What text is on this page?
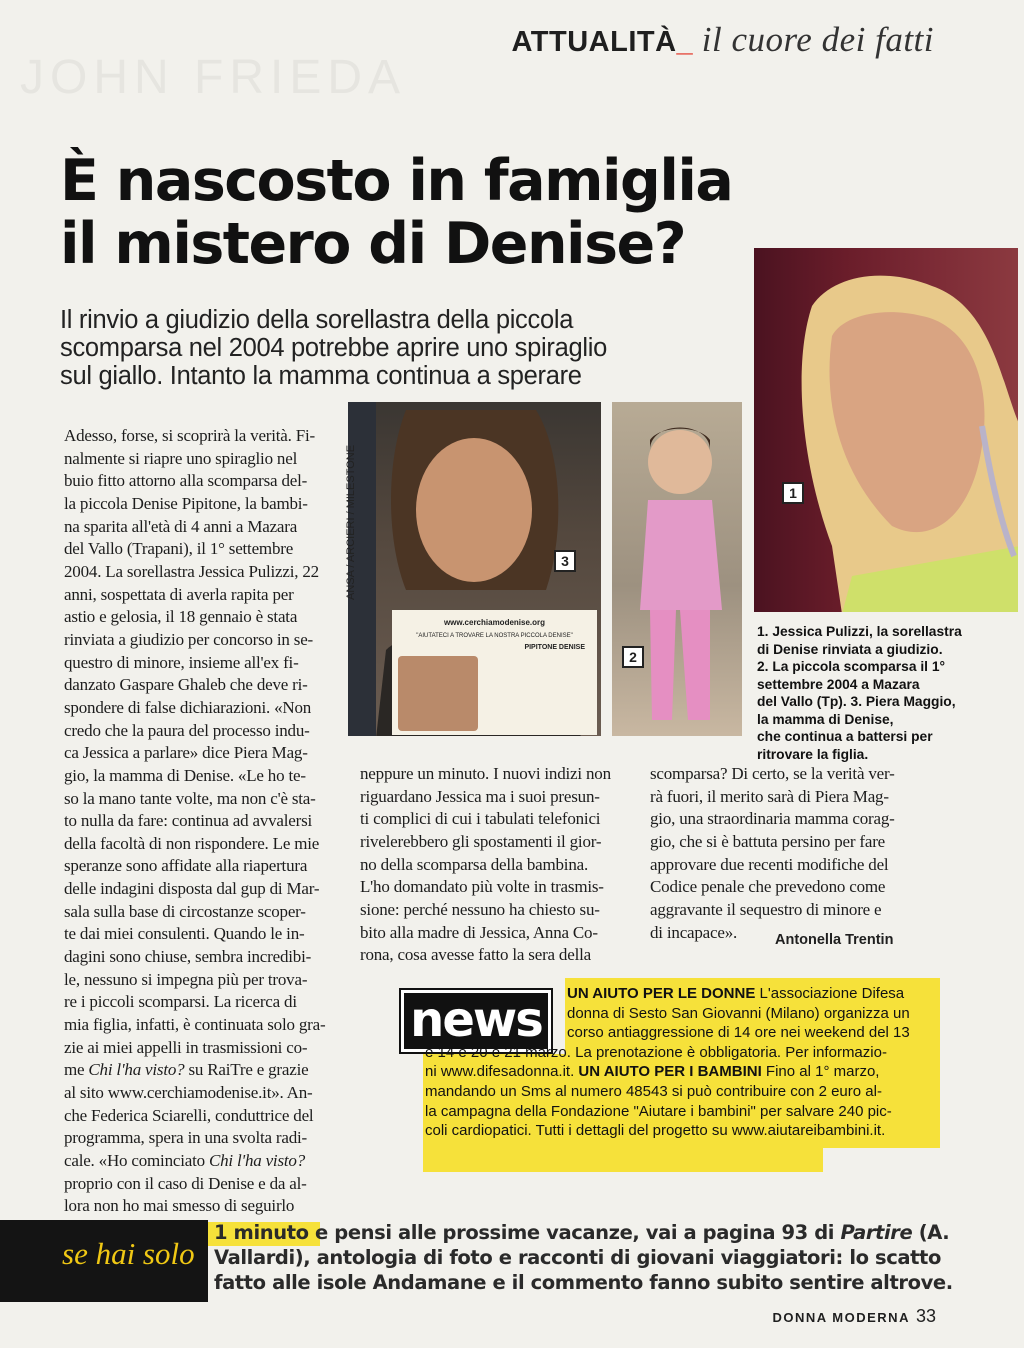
JOHN FRIEDA
ATTUALITÀ_ il cuore dei fatti
È nascosto in famiglia
il mistero di Denise?
1
www.cerchiamodenise.org
"AIUTATECI A TROVARE LA NOSTRA PICCOLA DENISE"
PIPITONE DENISE
3
2
ANSA / ARCIERI / MILESTONE
Il rinvio a giudizio della sorellastra della piccola
scomparsa nel 2004 potrebbe aprire uno spiraglio
sul giallo. Intanto la mamma continua a sperare
Adesso, forse, si scoprirà la verità. Fi-
nalmente si riapre uno spiraglio nel
buio fitto attorno alla scomparsa del-
la piccola Denise Pipitone, la bambi-
na sparita all'età di 4 anni a Mazara
del Vallo (Trapani), il 1° settembre
2004. La sorellastra Jessica Pulizzi, 22
anni, sospettata di averla rapita per
astio e gelosia, il 18 gennaio è stata
rinviata a giudizio per concorso in se-
questro di minore, insieme all'ex fi-
danzato Gaspare Ghaleb che deve ri-
spondere di false dichiarazioni. «Non
credo che la paura del processo indu-
ca Jessica a parlare» dice Piera Mag-
gio, la mamma di Denise. «Le ho te-
so la mano tante volte, ma non c'è sta-
to nulla da fare: continua ad avvalersi
della facoltà di non rispondere. Le mie
speranze sono affidate alla riapertura
delle indagini disposta dal gup di Mar-
sala sulla base di circostanze scoper-
te dai miei consulenti. Quando le in-
dagini sono chiuse, sembra incredibi-
le, nessuno si impegna più per trova-
re i piccoli scomparsi. La ricerca di
mia figlia, infatti, è continuata solo gra-
zie ai miei appelli in trasmissioni co-
me Chi l'ha visto? su RaiTre e grazie
al sito www.cerchiamodenise.it». An-
che Federica Sciarelli, conduttrice del
programma, spera in una svolta radi-
cale. «Ho cominciato Chi l'ha visto?
proprio con il caso di Denise e da al-
lora non ho mai smesso di seguirlo
1. Jessica Pulizzi, la sorellastra
di Denise rinviata a giudizio.
2. La piccola scomparsa il 1°
settembre 2004 a Mazara
del Vallo (Tp). 3. Piera Maggio,
la mamma di Denise,
che continua a battersi per
ritrovare la figlia.
neppure un minuto. I nuovi indizi non
riguardano Jessica ma i suoi presun-
ti complici di cui i tabulati telefonici
rivelerebbero gli spostamenti il gior-
no della scomparsa della bambina.
L'ho domandato più volte in trasmis-
sione: perché nessuno ha chiesto su-
bito alla madre di Jessica, Anna Co-
rona, cosa avesse fatto la sera della
scomparsa? Di certo, se la verità ver-
rà fuori, il merito sarà di Piera Mag-
gio, una straordinaria mamma corag-
gio, che si è battuta persino per fare
approvare due recenti modifiche del
Codice penale che prevedono come
aggravante il sequestro di minore e
di incapace».	Antonella Trentin
news	UN AIUTO PER LE DONNE L'associazione Difesa
donna di Sesto San Giovanni (Milano) organizza un
corso antiaggressione di 14 ore nei weekend del 13
e 14 e 20 e 21 marzo. La prenotazione è obbligatoria. Per informazio-
ni www.difesadonna.it. UN AIUTO PER I BAMBINI Fino al 1° marzo,
mandando un Sms al numero 48543 si può contribuire con 2 euro al-
la campagna della Fondazione "Aiutare i bambini" per salvare 240 pic-
coli cardiopatici. Tutti i dettagli del progetto su www.aiutareibambini.it.
se hai solo
1 minuto e pensi alle prossime vacanze, vai a pagina 93 di Partire (A.
Vallardi), antologia di foto e racconti di giovani viaggiatori: lo scatto
fatto alle isole Andamane e il commento fanno subito sentire altrove.
DONNA MODERNA 33
